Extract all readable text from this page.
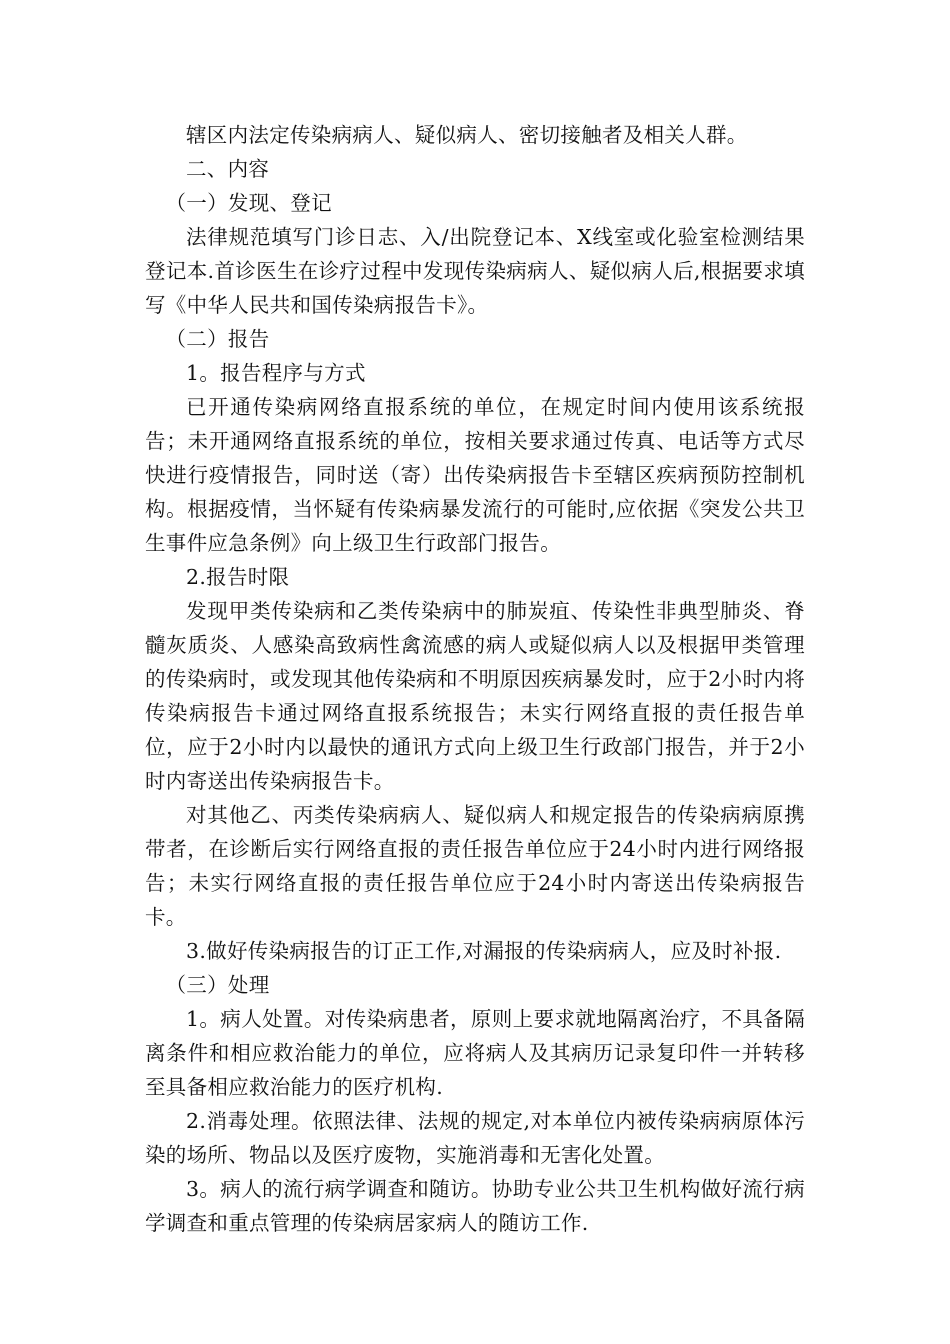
辖区内法定传染病病人、疑似病人、密切接触者及相关人群。

二、内容

（一）发现、登记

法律规范填写门诊日志、入/出院登记本、X线室或化验室检测结果登记本.首诊医生在诊疗过程中发现传染病病人、疑似病人后,根据要求填写《中华人民共和国传染病报告卡》。

（二）报告

1。报告程序与方式

已开通传染病网络直报系统的单位，在规定时间内使用该系统报告；未开通网络直报系统的单位，按相关要求通过传真、电话等方式尽快进行疫情报告，同时送（寄）出传染病报告卡至辖区疾病预防控制机构。根据疫情，当怀疑有传染病暴发流行的可能时,应依据《突发公共卫生事件应急条例》向上级卫生行政部门报告。

2.报告时限

发现甲类传染病和乙类传染病中的肺炭疽、传染性非典型肺炎、脊髓灰质炎、人感染高致病性禽流感的病人或疑似病人以及根据甲类管理的传染病时，或发现其他传染病和不明原因疾病暴发时，应于2小时内将传染病报告卡通过网络直报系统报告；未实行网络直报的责任报告单位，应于2小时内以最快的通讯方式向上级卫生行政部门报告，并于2小时内寄送出传染病报告卡。

对其他乙、丙类传染病病人、疑似病人和规定报告的传染病病原携带者，在诊断后实行网络直报的责任报告单位应于24小时内进行网络报告；未实行网络直报的责任报告单位应于24小时内寄送出传染病报告卡。

3.做好传染病报告的订正工作,对漏报的传染病病人，应及时补报.

（三）处理

1。病人处置。对传染病患者，原则上要求就地隔离治疗，不具备隔离条件和相应救治能力的单位，应将病人及其病历记录复印件一并转移至具备相应救治能力的医疗机构.

2.消毒处理。依照法律、法规的规定,对本单位内被传染病病原体污染的场所、物品以及医疗废物，实施消毒和无害化处置。

3。病人的流行病学调查和随访。协助专业公共卫生机构做好流行病学调查和重点管理的传染病居家病人的随访工作.
